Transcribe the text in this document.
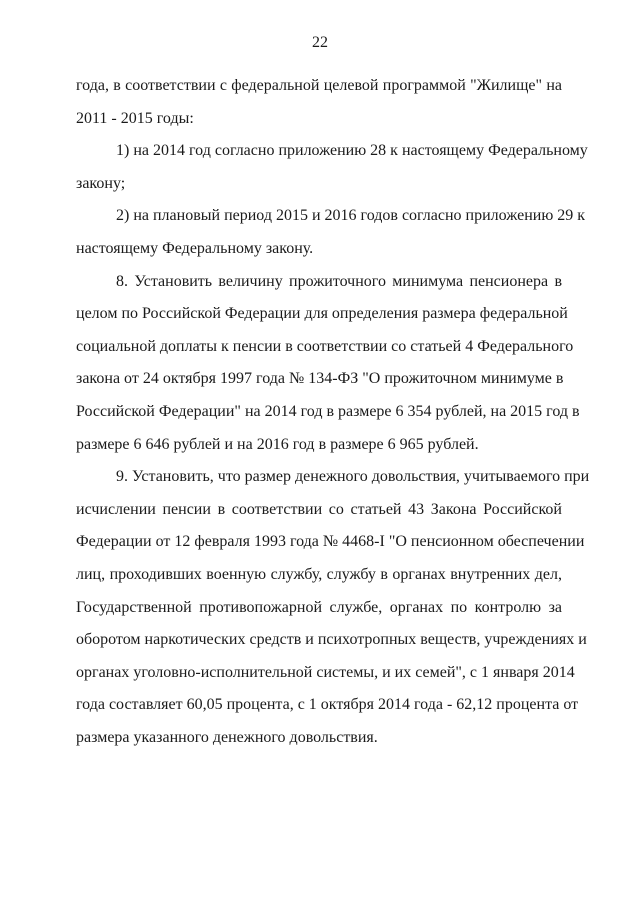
22
года, в соответствии с федеральной целевой программой "Жилище" на
2011 - 2015 годы:
1) на 2014 год согласно приложению 28 к настоящему Федеральному
закону;
2) на плановый период 2015 и 2016 годов согласно приложению 29 к
настоящему Федеральному закону.
8. Установить величину прожиточного минимума пенсионера в
целом по Российской Федерации для определения размера федеральной
социальной доплаты к пенсии в соответствии со статьей 4 Федерального
закона от 24 октября 1997 года № 134-ФЗ "О прожиточном минимуме в
Российской Федерации" на 2014 год в размере 6 354 рублей, на 2015 год в
размере 6 646 рублей и на 2016 год в размере 6 965 рублей.
9. Установить, что размер денежного довольствия, учитываемого при
исчислении пенсии в соответствии со статьей 43 Закона Российской
Федерации от 12 февраля 1993 года № 4468-I "О пенсионном обеспечении
лиц, проходивших военную службу, службу в органах внутренних дел,
Государственной противопожарной службе, органах по контролю за
оборотом наркотических средств и психотропных веществ, учреждениях и
органах уголовно-исполнительной системы, и их семей", с 1 января 2014
года составляет 60,05 процента, с 1 октября 2014 года - 62,12 процента от
размера указанного денежного довольствия.
